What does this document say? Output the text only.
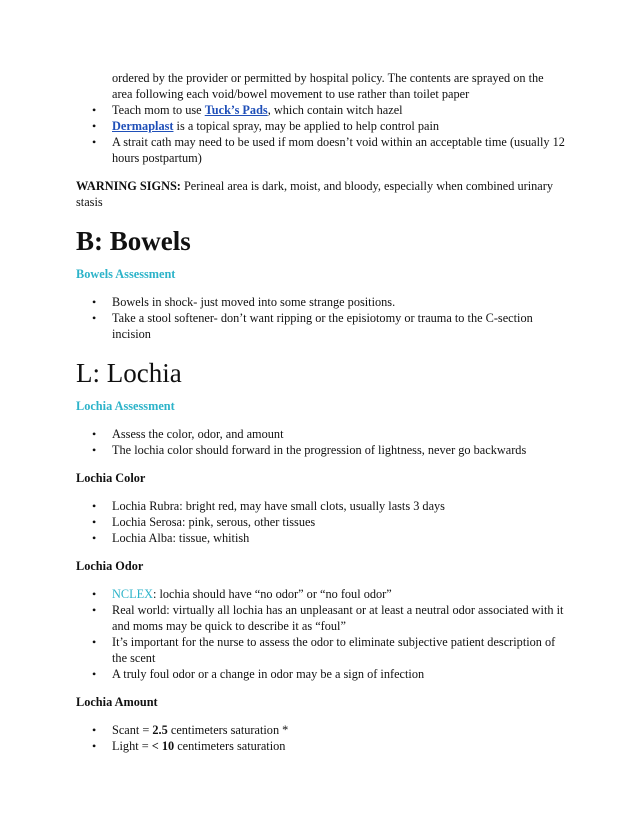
ordered by the provider or permitted by hospital policy. The contents are sprayed on the

area following each void/bowel movement to use rather than toilet paper

• Teach mom to use Tuck’s Pads, which contain witch hazel
• Dermaplast is a topical spray, may be applied to help control pain
• A strait cath may need to be used if mom doesn’t void within an acceptable time (usually 12 hours postpartum)

WARNING SIGNS: Perineal area is dark, moist, and bloody, especially when combined urinary stasis

B: Bowels

Bowels Assessment

• Bowels in shock- just moved into some strange positions.
• Take a stool softener- don’t want ripping or the episiotomy or trauma to the C-section incision
L: Lochia

Lochia Assessment

• Assess the color, odor, and amount
• The lochia color should forward in the progression of lightness, never go backwards

Lochia Color

• Lochia Rubra: bright red, may have small clots, usually lasts 3 days
• Lochia Serosa: pink, serous, other tissues
• Lochia Alba: tissue, whitish

Lochia Odor

• NCLEX: lochia should have “no odor” or “no foul odor”
• Real world: virtually all lochia has an unpleasant or at least a neutral odor associated with it and moms may be quick to describe it as “foul”
• It’s important for the nurse to assess the odor to eliminate subjective patient description of the scent
• A truly foul odor or a change in odor may be a sign of infection

Lochia Amount

• Scant = 2.5 centimeters saturation *
• Light = < 10 centimeters saturation
